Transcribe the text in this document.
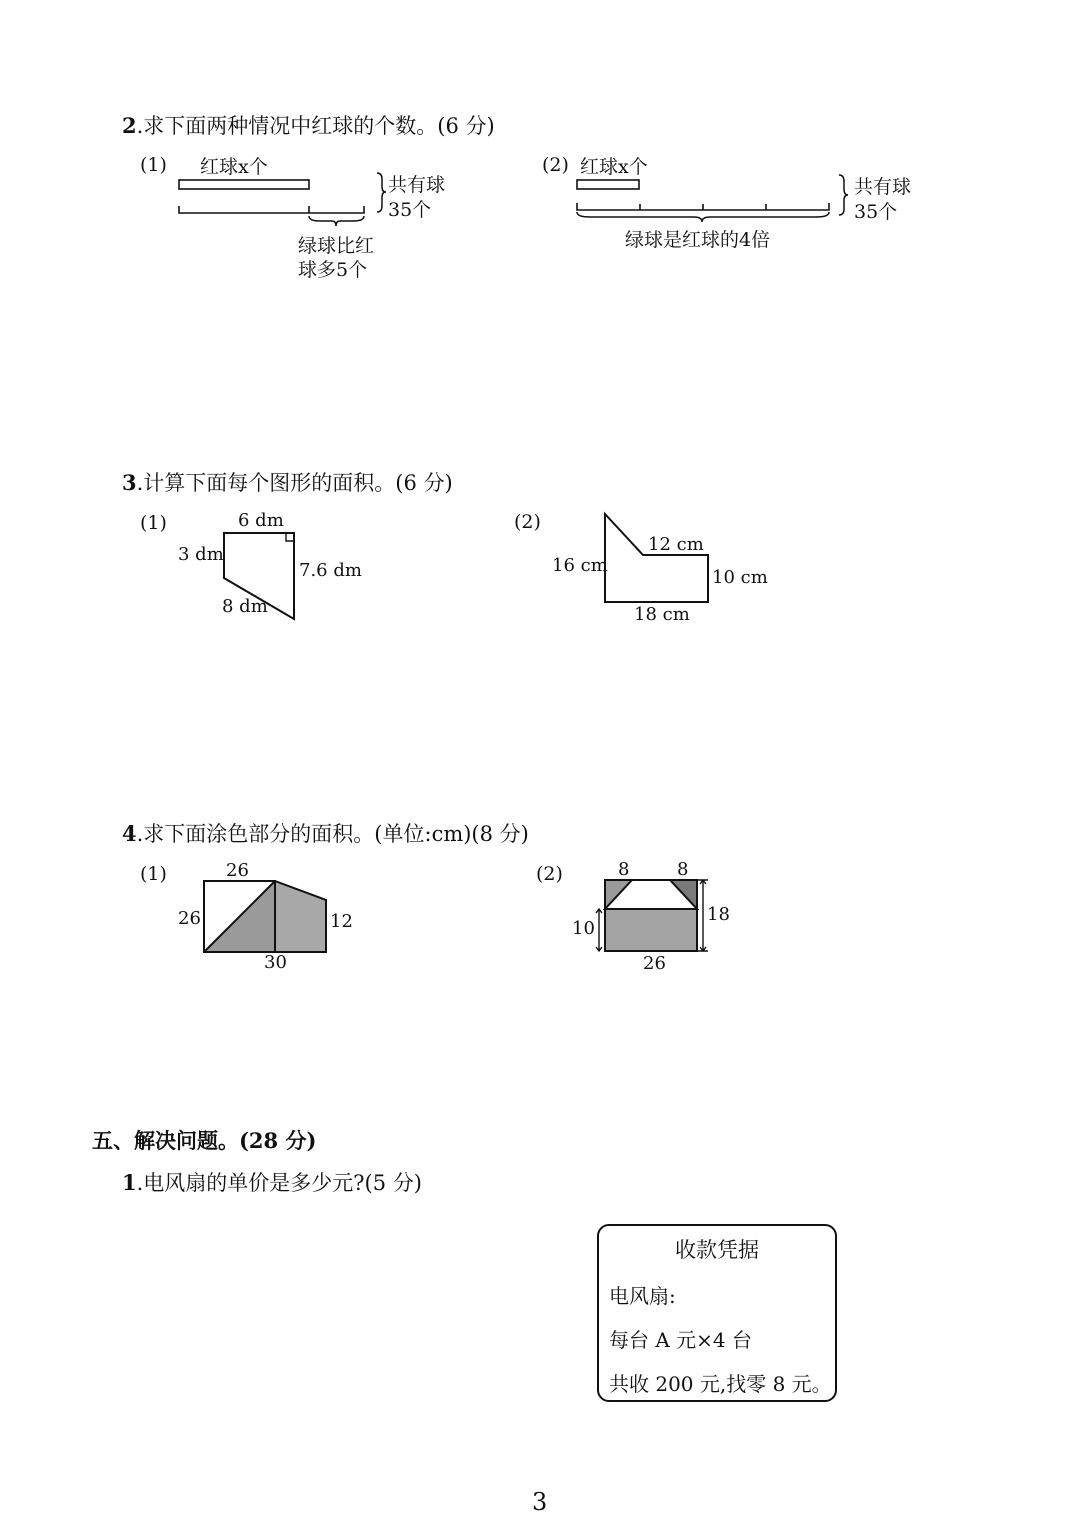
2.求下面两种情况中红球的个数。(6 分)
(1) 红球x个
共有球
35个
绿球比红
球多5个
(2) 红球x个
共有球
35个
绿球是红球的4倍
3.计算下面每个图形的面积。(6 分)
(1)	6 dm
3 dm
7.6 dm
8 dm
(2)
16 cm
12 cm
10 cm
18 cm
4.求下面涂色部分的面积。(单位:cm)(8 分)
(1)	26
26	12
30
(2)	8	8
10
18
26
五、解决问题。(28 分)
1.电风扇的单价是多少元?(5 分)
收款凭据
电风扇:
每台 A 元×4 台
共收 200 元,找零 8 元。
3
